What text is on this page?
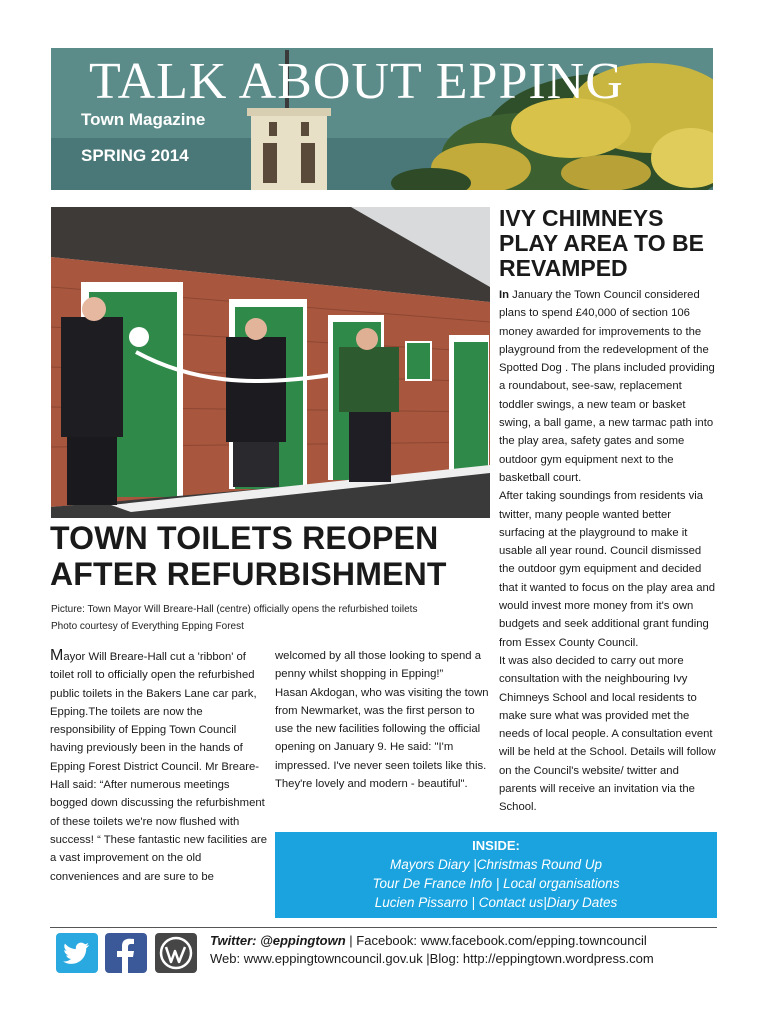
TALK ABOUT EPPING
Town Magazine
SPRING 2014
TOWN TOILETS REOPEN AFTER REFURBISHMENT
Picture: Town Mayor Will Breare-Hall (centre) officially opens the refurbished toilets
Photo courtesy of Everything Epping Forest

Mayor Will Breare-Hall cut a 'ribbon' of toilet roll to officially open the refurbished public toilets in the Bakers Lane car park, Epping.The toilets are now the responsibility of Epping Town Council having previously been in the hands of Epping Forest District Council. Mr Breare-Hall said: “After numerous meetings bogged down discussing the refurbishment of these toilets we're now flushed with success! “ These fantastic new facilities are a vast improvement on the old conveniences and are sure to be

welcomed by all those looking to spend a penny whilst shopping in Epping!”

Hasan Akdogan, who was visiting the town from Newmarket, was the first person to use the new facilities following the official opening on January 9. He said: "I'm impressed. I've never seen toilets like this. They're lovely and modern - beautiful".

IVY CHIMNEYS PLAY AREA TO BE REVAMPED

In January the Town Council considered plans to spend £40,000 of section 106 money awarded for improvements to the playground from the redevelopment of the Spotted Dog . The plans included providing a roundabout, see-saw, replacement toddler swings, a new team or basket swing, a ball game, a new tarmac path into the play area, safety gates and some outdoor gym equipment next to the basketball court.

After taking soundings from residents via twitter, many people wanted better surfacing at the playground to make it usable all year round. Council dismissed the outdoor gym equipment and decided that it wanted to focus on the play area and would invest more money from it's own budgets and seek additional grant funding from Essex County Council.

It was also decided to carry out more consultation with the neighbouring Ivy Chimneys School and local residents to make sure what was provided met the needs of local people. A consultation event will be held at the School. Details will follow on the Council's website/ twitter and parents will receive an invitation via the School.

INSIDE:
Mayors Diary |Christmas Round Up
Tour De France Info | Local organisations
Lucien Pissarro | Contact us|Diary Dates
Twitter: @eppingtown | Facebook: www.facebook.com/epping.towncouncil
Web: www.eppingtowncouncil.gov.uk |Blog: http://eppingtown.wordpress.com
